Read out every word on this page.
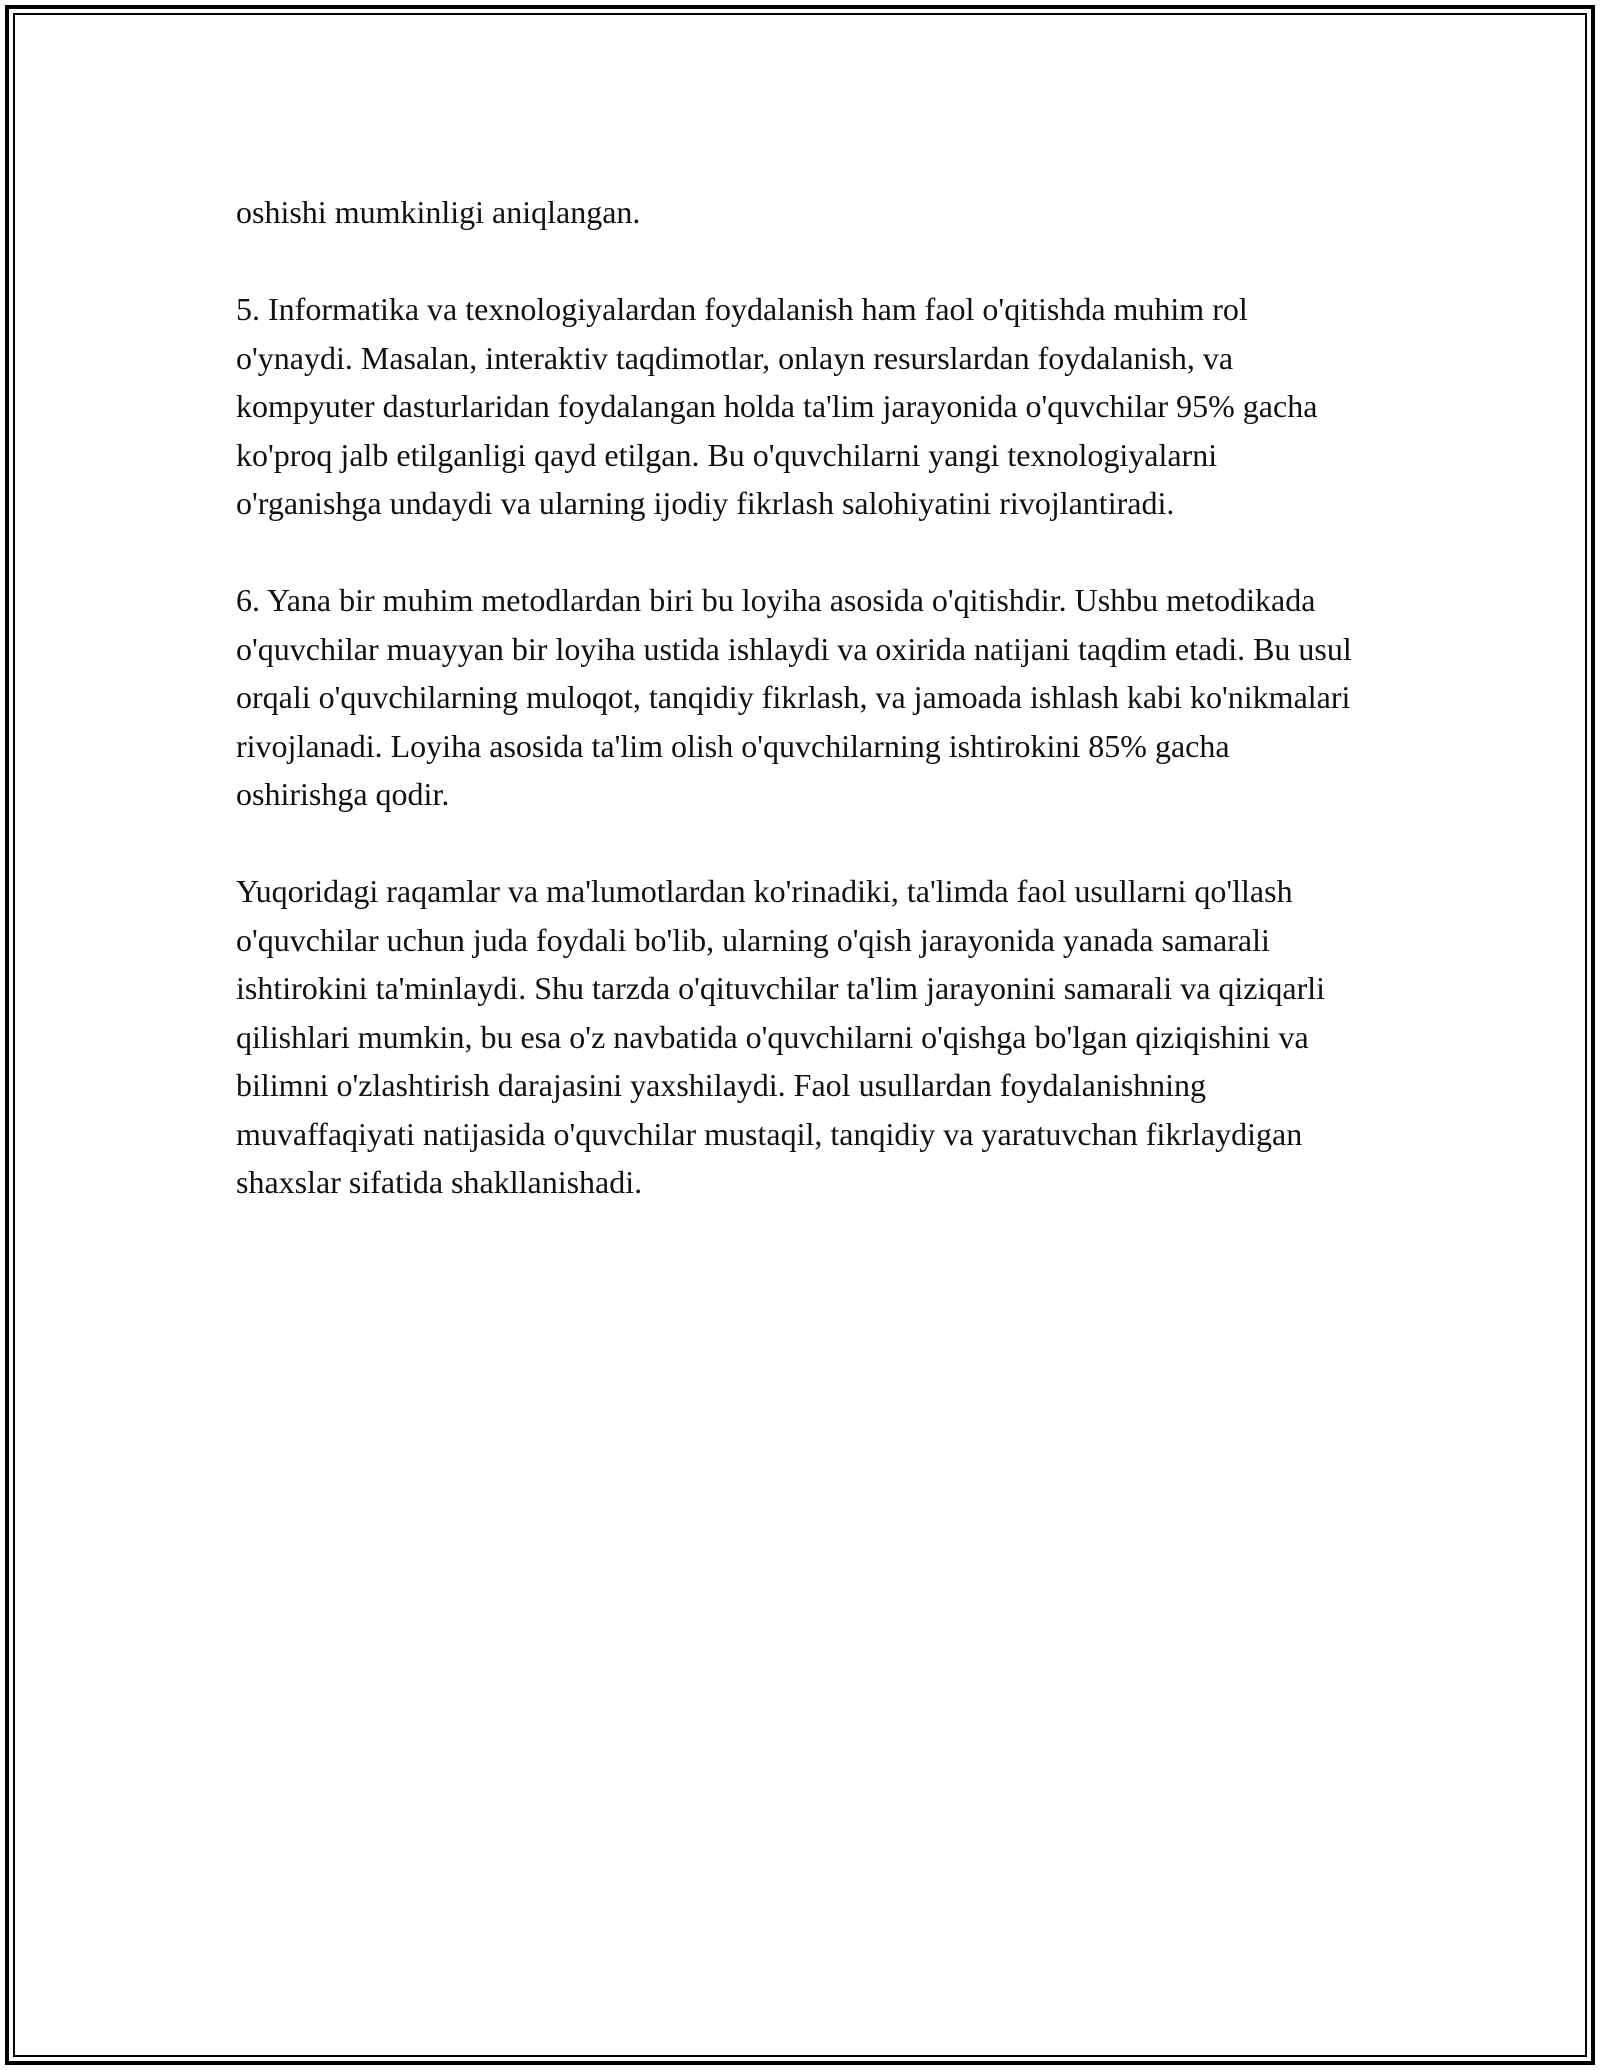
oshishi mumkinligi aniqlangan.

5. Informatika va texnologiyalardan foydalanish ham faol o'qitishda muhim rol o'ynaydi. Masalan, interaktiv taqdimotlar, onlayn resurslardan foydalanish, va kompyuter dasturlaridan foydalangan holda ta'lim jarayonida o'quvchilar 95% gacha ko'proq jalb etilganligi qayd etilgan. Bu o'quvchilarni yangi texnologiyalarni o'rganishga undaydi va ularning ijodiy fikrlash salohiyatini rivojlantiradi.

6. Yana bir muhim metodlardan biri bu loyiha asosida o'qitishdir. Ushbu metodikada o'quvchilar muayyan bir loyiha ustida ishlaydi va oxirida natijani taqdim etadi. Bu usul orqali o'quvchilarning muloqot, tanqidiy fikrlash, va jamoada ishlash kabi ko'nikmalari rivojlanadi. Loyiha asosida ta'lim olish o'quvchilarning ishtirokini 85% gacha oshirishga qodir.

Yuqoridagi raqamlar va ma'lumotlardan ko'rinadiki, ta'limda faol usullarni qo'llash o'quvchilar uchun juda foydali bo'lib, ularning o'qish jarayonida yanada samarali ishtirokini ta'minlaydi. Shu tarzda o'qituvchilar ta'lim jarayonini samarali va qiziqarli qilishlari mumkin, bu esa o'z navbatida o'quvchilarni o'qishga bo'lgan qiziqishini va bilimni o'zlashtirish darajasini yaxshilaydi. Faol usullardan foydalanishning muvaffaqiyati natijasida o'quvchilar mustaqil, tanqidiy va yaratuvchan fikrlaydigan shaxslar sifatida shakllanishadi.
